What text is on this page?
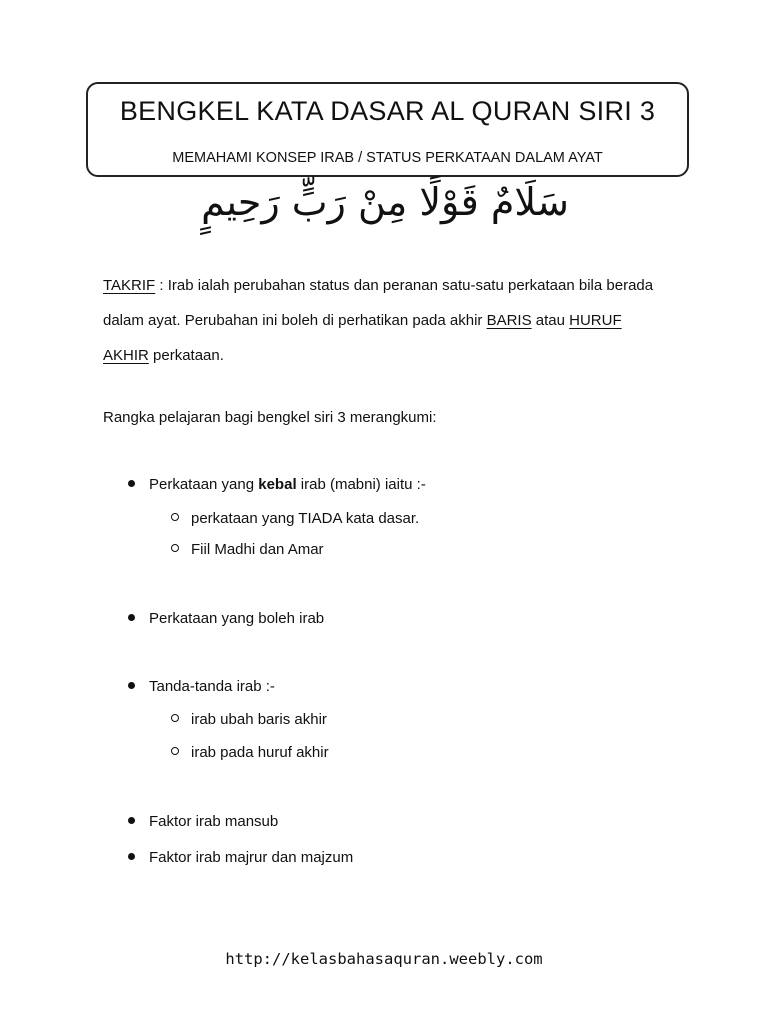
BENGKEL KATA DASAR AL QURAN SIRI 3
MEMAHAMI KONSEP IRAB / STATUS PERKATAAN DALAM AYAT
سَلَامٌ قَوْلًا مِنْ رَبٍّ رَحِيمٍ
TAKRIF : Irab ialah perubahan status dan peranan satu-satu perkataan bila berada dalam ayat. Perubahan ini boleh di perhatikan pada akhir BARIS atau HURUF AKHIR perkataan.
Rangka pelajaran bagi bengkel siri 3 merangkumi:
Perkataan yang kebal irab (mabni) iaitu :-
perkataan yang TIADA kata dasar.
Fiil Madhi dan Amar
Perkataan yang boleh irab
Tanda-tanda irab :-
irab ubah baris akhir
irab pada huruf akhir
Faktor irab mansub
Faktor irab majrur dan majzum
http://kelasbahasaquran.weebly.com
